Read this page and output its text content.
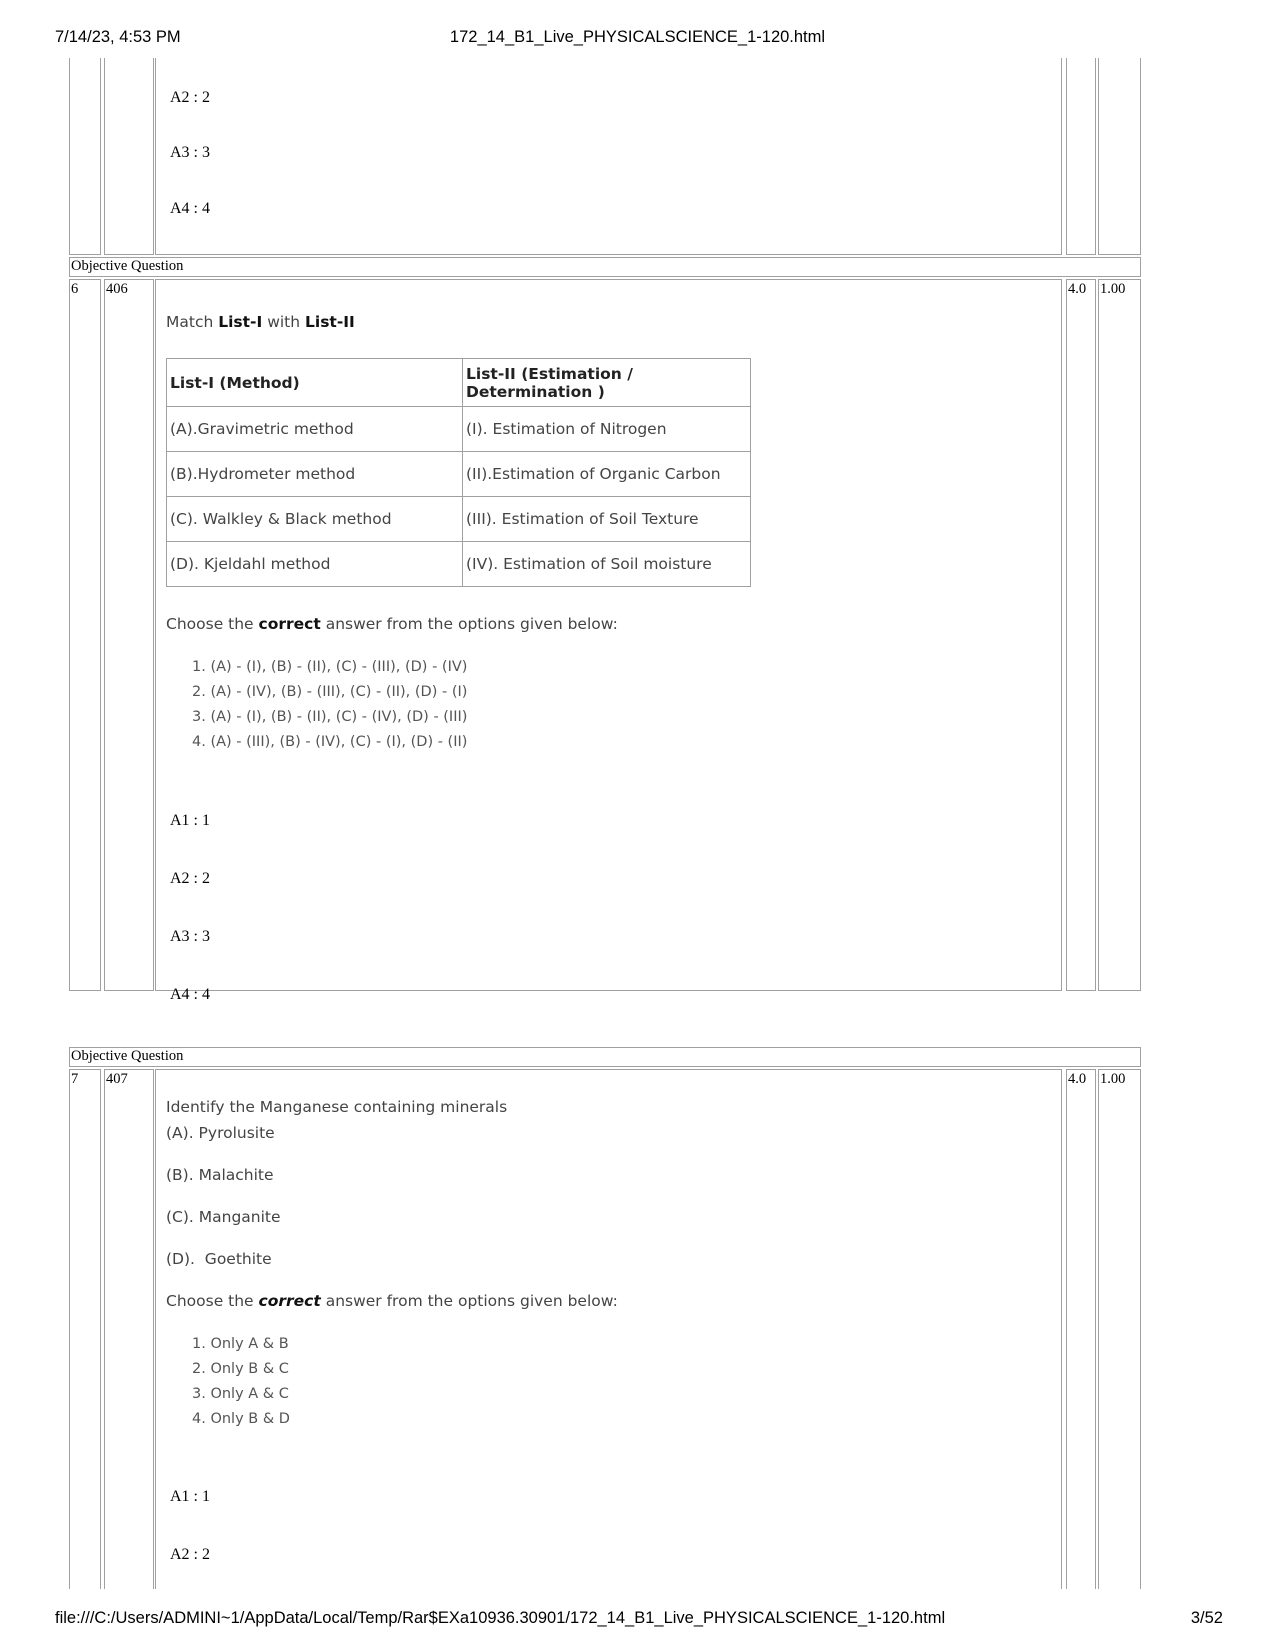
7/14/23, 4:53 PM	172_14_B1_Live_PHYSICALSCIENCE_1-120.html
A2 : 2
A3 : 3
A4 : 4
Objective Question
6 406	4.0 1.00
Match List-I with List-II
List-I (Method)	List-II (Estimation / Determination )
(A).Gravimetric method	(I). Estimation of Nitrogen
(B).Hydrometer method	(II).Estimation of Organic Carbon
(C). Walkley & Black method	(III). Estimation of Soil Texture
(D). Kjeldahl method	(IV). Estimation of Soil moisture
Choose the correct answer from the options given below:
1. (A) - (I), (B) - (II), (C) - (III), (D) - (IV)
2. (A) - (IV), (B) - (III), (C) - (II), (D) - (I)
3. (A) - (I), (B) - (II), (C) - (IV), (D) - (III)
4. (A) - (III), (B) - (IV), (C) - (I), (D) - (II)
A1 : 1
A2 : 2
A3 : 3
A4 : 4
Objective Question
7 407	4.0 1.00
Identify the Manganese containing minerals
(A). Pyrolusite
(B). Malachite
(C). Manganite
(D).  Goethite
Choose the correct answer from the options given below:
1. Only A & B
2. Only B & C
3. Only A & C
4. Only B & D
A1 : 1
A2 : 2
file:///C:/Users/ADMINI~1/AppData/Local/Temp/Rar$EXa10936.30901/172_14_B1_Live_PHYSICALSCIENCE_1-120.html	3/52
